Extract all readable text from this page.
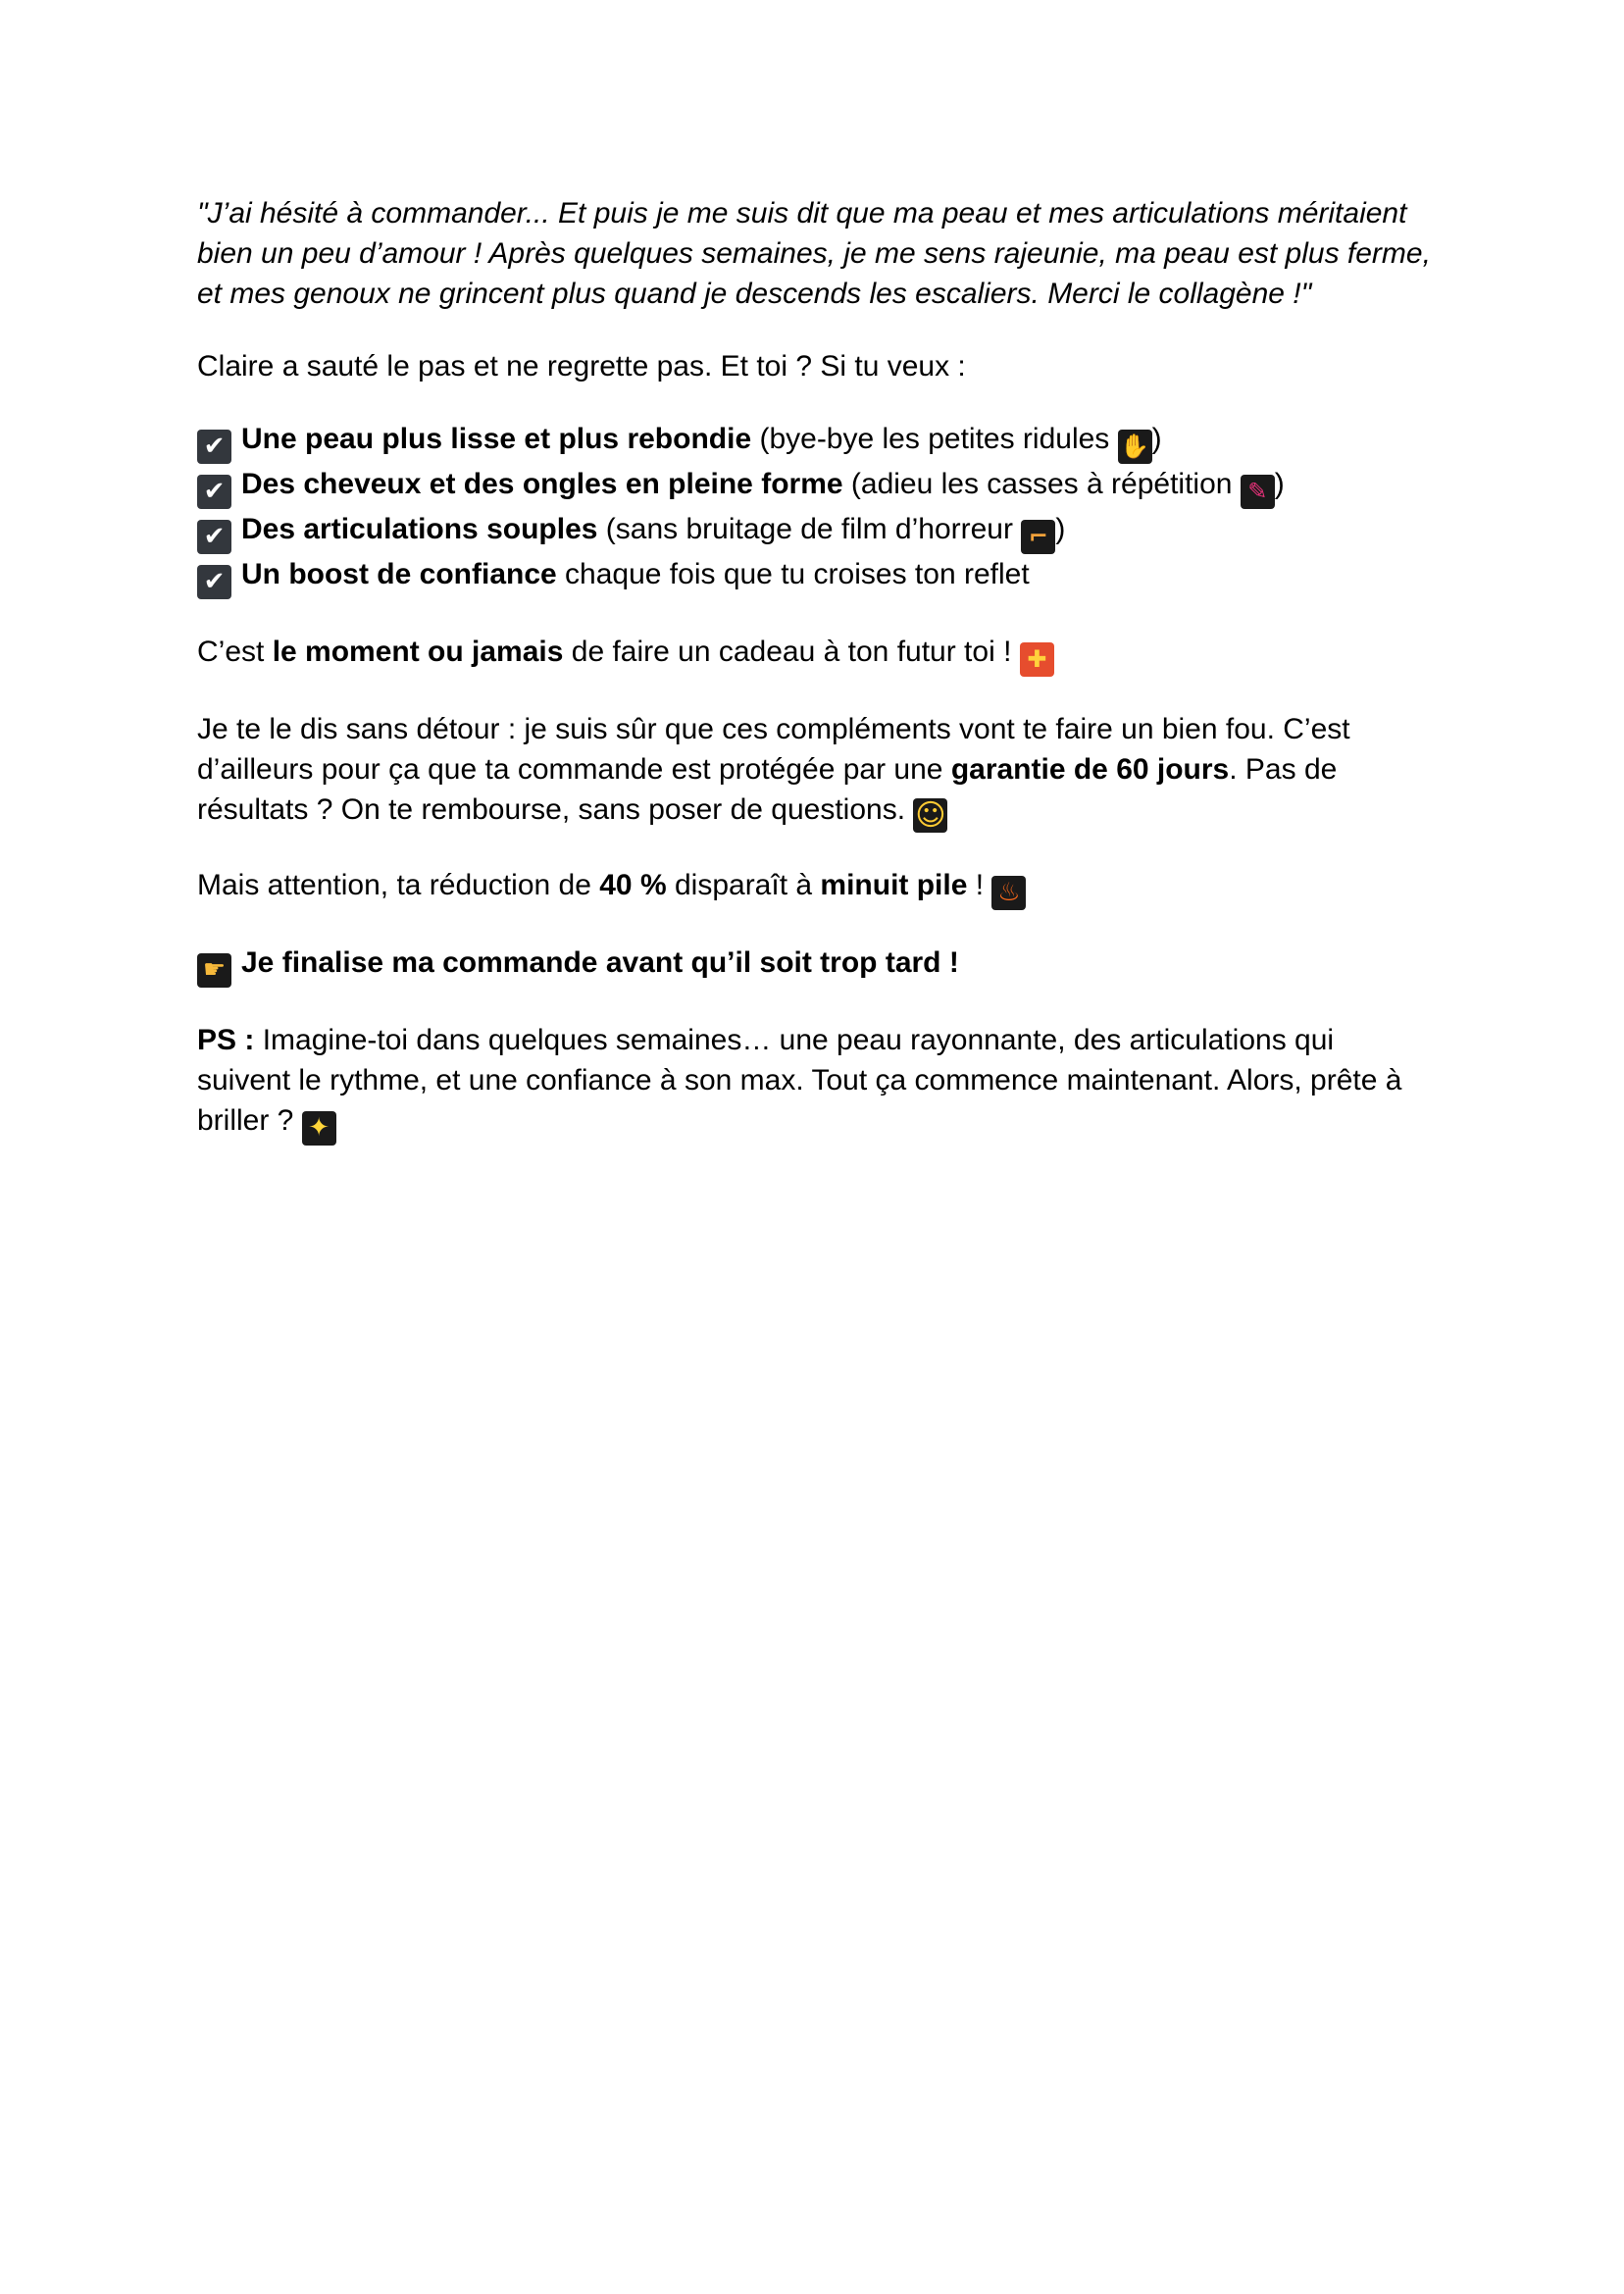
"J’ai hésité à commander... Et puis je me suis dit que ma peau et mes articulations méritaient bien un peu d’amour ! Après quelques semaines, je me sens rajeunie, ma peau est plus ferme, et mes genoux ne grincent plus quand je descends les escaliers. Merci le collagène !"

Claire a sauté le pas et ne regrette pas. Et toi ? Si tu veux :

✔ Une peau plus lisse et plus rebondie (bye-bye les petites ridules ✋)
✔ Des cheveux et des ongles en pleine forme (adieu les casses à répétition ✎ )
✔ Des articulations souples (sans bruitage de film d’horreur ⌐ )
✔ Un boost de confiance chaque fois que tu croises ton reflet

C’est le moment ou jamais de faire un cadeau à ton futur toi ! ✚

Je te le dis sans détour : je suis sûr que ces compléments vont te faire un bien fou. C’est d’ailleurs pour ça que ta commande est protégée par une garantie de 60 jours. Pas de résultats ? On te rembourse, sans poser de questions. ☺

Mais attention, ta réduction de 40 % disparaît à minuit pile ! ♨

☛ Je finalise ma commande avant qu’il soit trop tard !

PS : Imagine-toi dans quelques semaines… une peau rayonnante, des articulations qui suivent le rythme, et une confiance à son max. Tout ça commence maintenant. Alors, prête à briller ? ✦
